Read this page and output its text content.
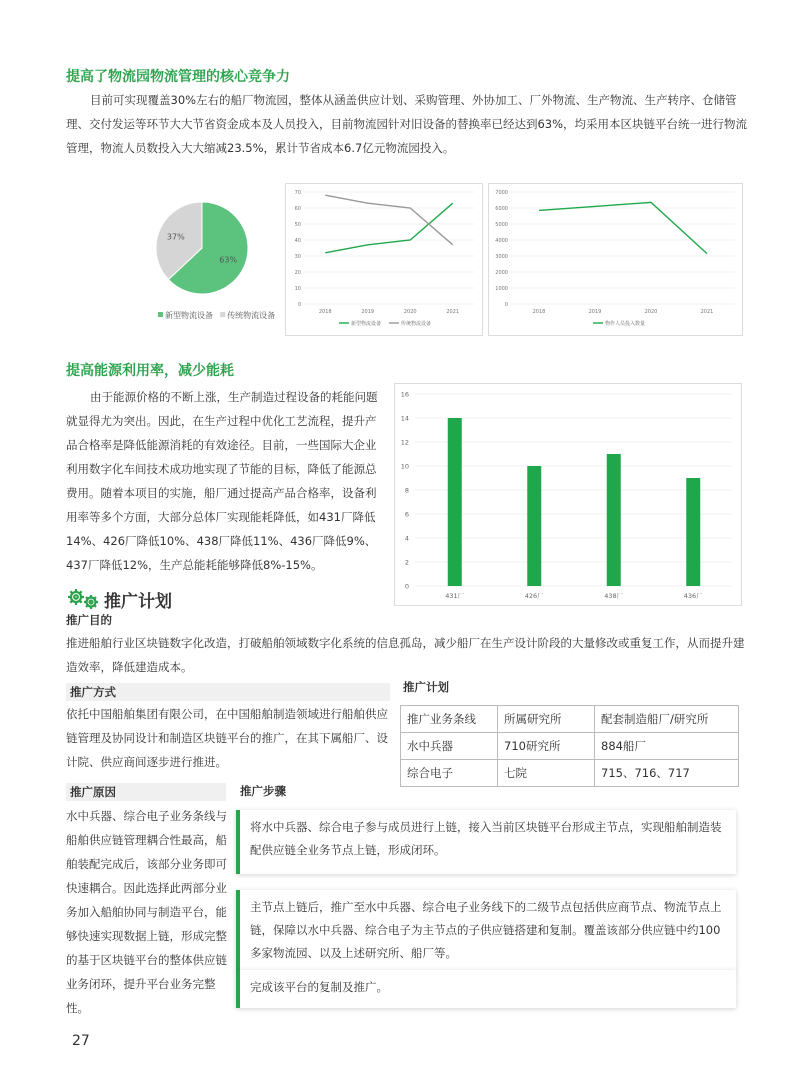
提高了物流园物流管理的核心竞争力
目前可实现覆盖30%左右的船厂物流园，整体从涵盖供应计划、采购管理、外协加工、厂外物流、生产物流、生产转序、仓储管理、交付发运等环节大大节省资金成本及人员投入，目前物流园针对旧设备的替换率已经达到63%，均采用本区块链平台统一进行物流管理，物流人员数投入大大缩减23.5%，累计节省成本6.7亿元物流园投入。
63%
37%
新型物流设备 传统物流设备
0
10
20
30
40
50
60
70
2018	2019	2020	2021
新型物流设备	传统物流设备
0
1000
2000
3000
4000
5000
6000
7000
2018	2019	2020	2021
物作人员投入数量
提高能源利用率，减少能耗
由于能源价格的不断上涨，生产制造过程设备的耗能问题就显得尤为突出。因此，在生产过程中优化工艺流程，提升产品合格率是降低能源消耗的有效途径。目前，一些国际大企业利用数字化车间技术成功地实现了节能的目标，降低了能源总费用。随着本项目的实施，船厂通过提高产品合格率，设备利用率等多个方面，大部分总体厂实现能耗降低，如431厂降低14%、426厂降低10%、438厂降低11%、436厂降低9%、437厂降低12%，生产总能耗能够降低8%-15%。
0
2
4
6
8
10
12
14
16
431厂	426厂	438厂	436厂
推广计划
推广目的
推进船舶行业区块链数字化改造，打破船舶领域数字化系统的信息孤岛，减少船厂在生产设计阶段的大量修改或重复工作，从而提升建造效率，降低建造成本。
推广方式
依托中国船舶集团有限公司，在中国船舶制造领域进行船舶供应链管理及协同设计和制造区块链平台的推广，在其下属船厂、设计院、供应商间逐步进行推进。
推广计划
推广业务条线	所属研究所	配套制造船厂/研究所
水中兵器	710研究所	884船厂
综合电子	七院	715、716、717
推广原因
水中兵器、综合电子业务条线与船舶供应链管理耦合性最高，船舶装配完成后，该部分业务即可快速耦合。因此选择此两部分业务加入船舶协同与制造平台，能够快速实现数据上链，形成完整的基于区块链平台的整体供应链业务闭环，提升平台业务完整性。
推广步骤
将水中兵器、综合电子参与成员进行上链，接入当前区块链平台形成主节点，实现船舶制造装配供应链全业务节点上链，形成闭环。
主节点上链后，推广至水中兵器、综合电子业务线下的二级节点包括供应商节点、物流节点上链，保障以水中兵器、综合电子为主节点的子供应链搭建和复制。覆盖该部分供应链中约100多家物流园、以及上述研究所、船厂等。
完成该平台的复制及推广。
27
